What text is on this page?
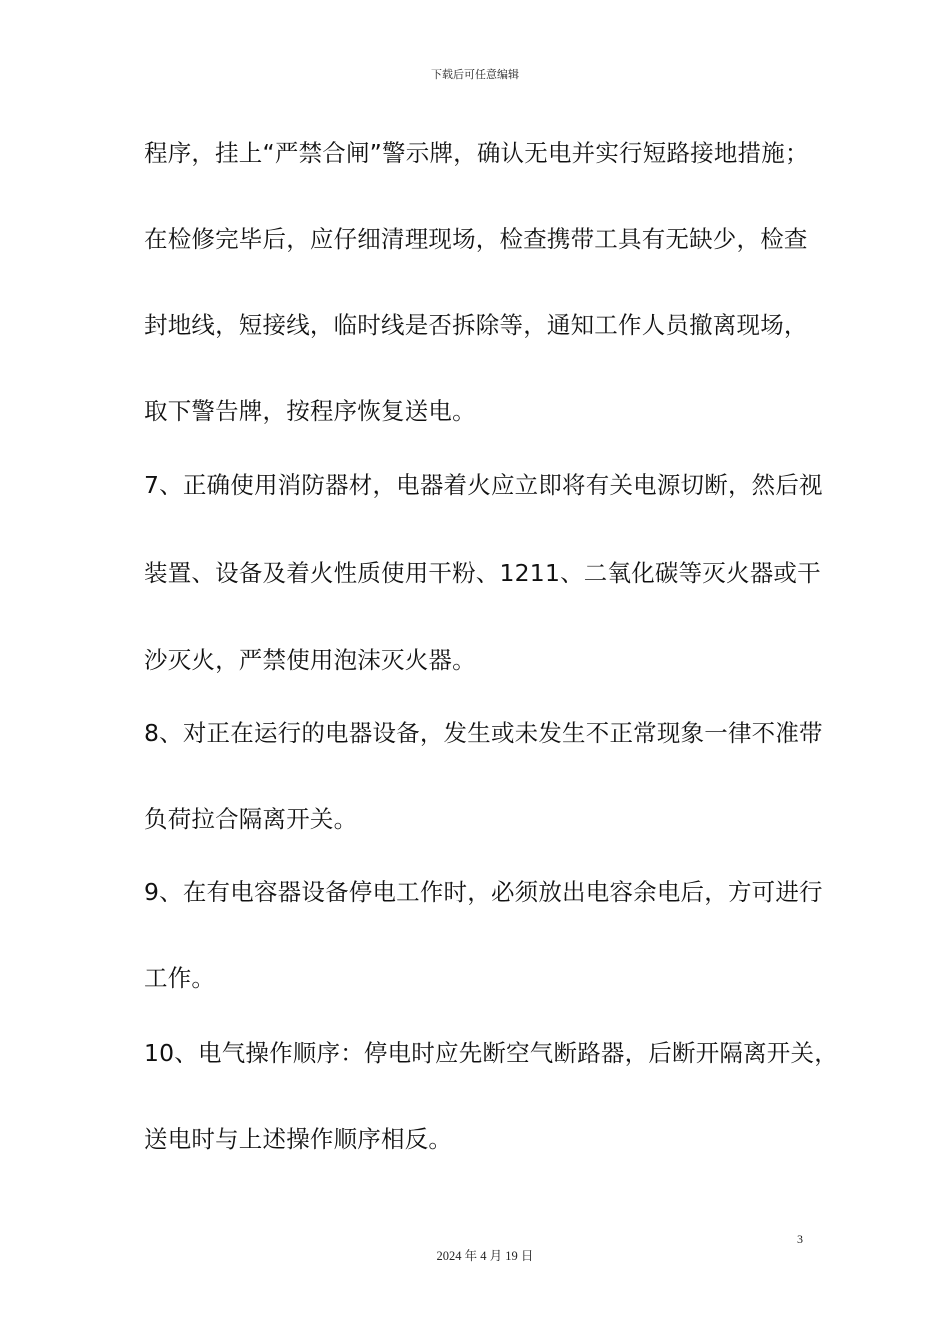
下载后可任意编辑
程序，挂上“严禁合闸”警示牌，确认无电并实行短路接地措施；
在检修完毕后，应仔细清理现场，检查携带工具有无缺少，检查
封地线，短接线，临时线是否拆除等，通知工作人员撤离现场，
取下警告牌，按程序恢复送电。
7、正确使用消防器材，电器着火应立即将有关电源切断，然后视
装置、设备及着火性质使用干粉、1211、二氧化碳等灭火器或干
沙灭火，严禁使用泡沫灭火器。
8、对正在运行的电器设备，发生或未发生不正常现象一律不准带
负荷拉合隔离开关。
9、在有电容器设备停电工作时，必须放出电容余电后，方可进行
工作。
10、电气操作顺序：停电时应先断空气断路器，后断开隔离开关，
送电时与上述操作顺序相反。
3
2024 年 4 月 19 日
